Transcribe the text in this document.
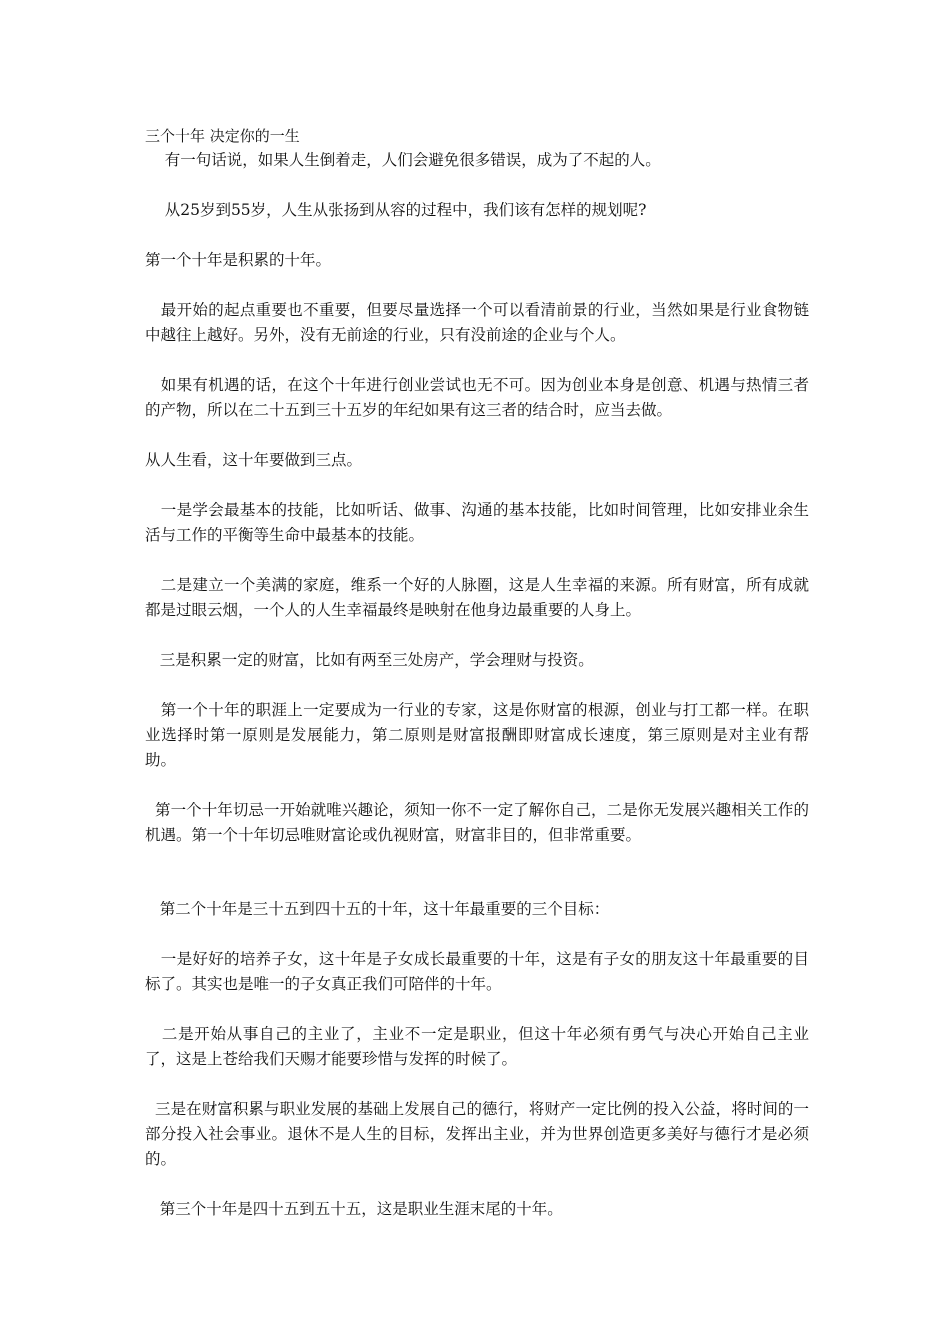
三个十年 决定你的一生

有一句话说，如果人生倒着走，人们会避免很多错误，成为了不起的人。

从25岁到55岁，人生从张扬到从容的过程中，我们该有怎样的规划呢?

第一个十年是积累的十年。

最开始的起点重要也不重要，但要尽量选择一个可以看清前景的行业，当然如果是行业食物链中越往上越好。另外，没有无前途的行业，只有没前途的企业与个人。

如果有机遇的话，在这个十年进行创业尝试也无不可。因为创业本身是创意、机遇与热情三者的产物，所以在二十五到三十五岁的年纪如果有这三者的结合时，应当去做。

从人生看，这十年要做到三点。

一是学会最基本的技能，比如听话、做事、沟通的基本技能，比如时间管理，比如安排业余生活与工作的平衡等生命中最基本的技能。

二是建立一个美满的家庭，维系一个好的人脉圈，这是人生幸福的来源。所有财富，所有成就都是过眼云烟，一个人的人生幸福最终是映射在他身边最重要的人身上。

三是积累一定的财富，比如有两至三处房产，学会理财与投资。

第一个十年的职涯上一定要成为一行业的专家，这是你财富的根源，创业与打工都一样。在职业选择时第一原则是发展能力，第二原则是财富报酬即财富成长速度，第三原则是对主业有帮助。

第一个十年切忌一开始就唯兴趣论，须知一你不一定了解你自己，二是你无发展兴趣相关工作的机遇。第一个十年切忌唯财富论或仇视财富，财富非目的，但非常重要。

第二个十年是三十五到四十五的十年，这十年最重要的三个目标：

一是好好的培养子女，这十年是子女成长最重要的十年，这是有子女的朋友这十年最重要的目标了。其实也是唯一的子女真正我们可陪伴的十年。

二是开始从事自己的主业了，主业不一定是职业，但这十年必须有勇气与决心开始自己主业了，这是上苍给我们天赐才能要珍惜与发挥的时候了。

三是在财富积累与职业发展的基础上发展自己的德行，将财产一定比例的投入公益，将时间的一部分投入社会事业。退休不是人生的目标，发挥出主业，并为世界创造更多美好与德行才是必须的。

第三个十年是四十五到五十五，这是职业生涯末尾的十年。
